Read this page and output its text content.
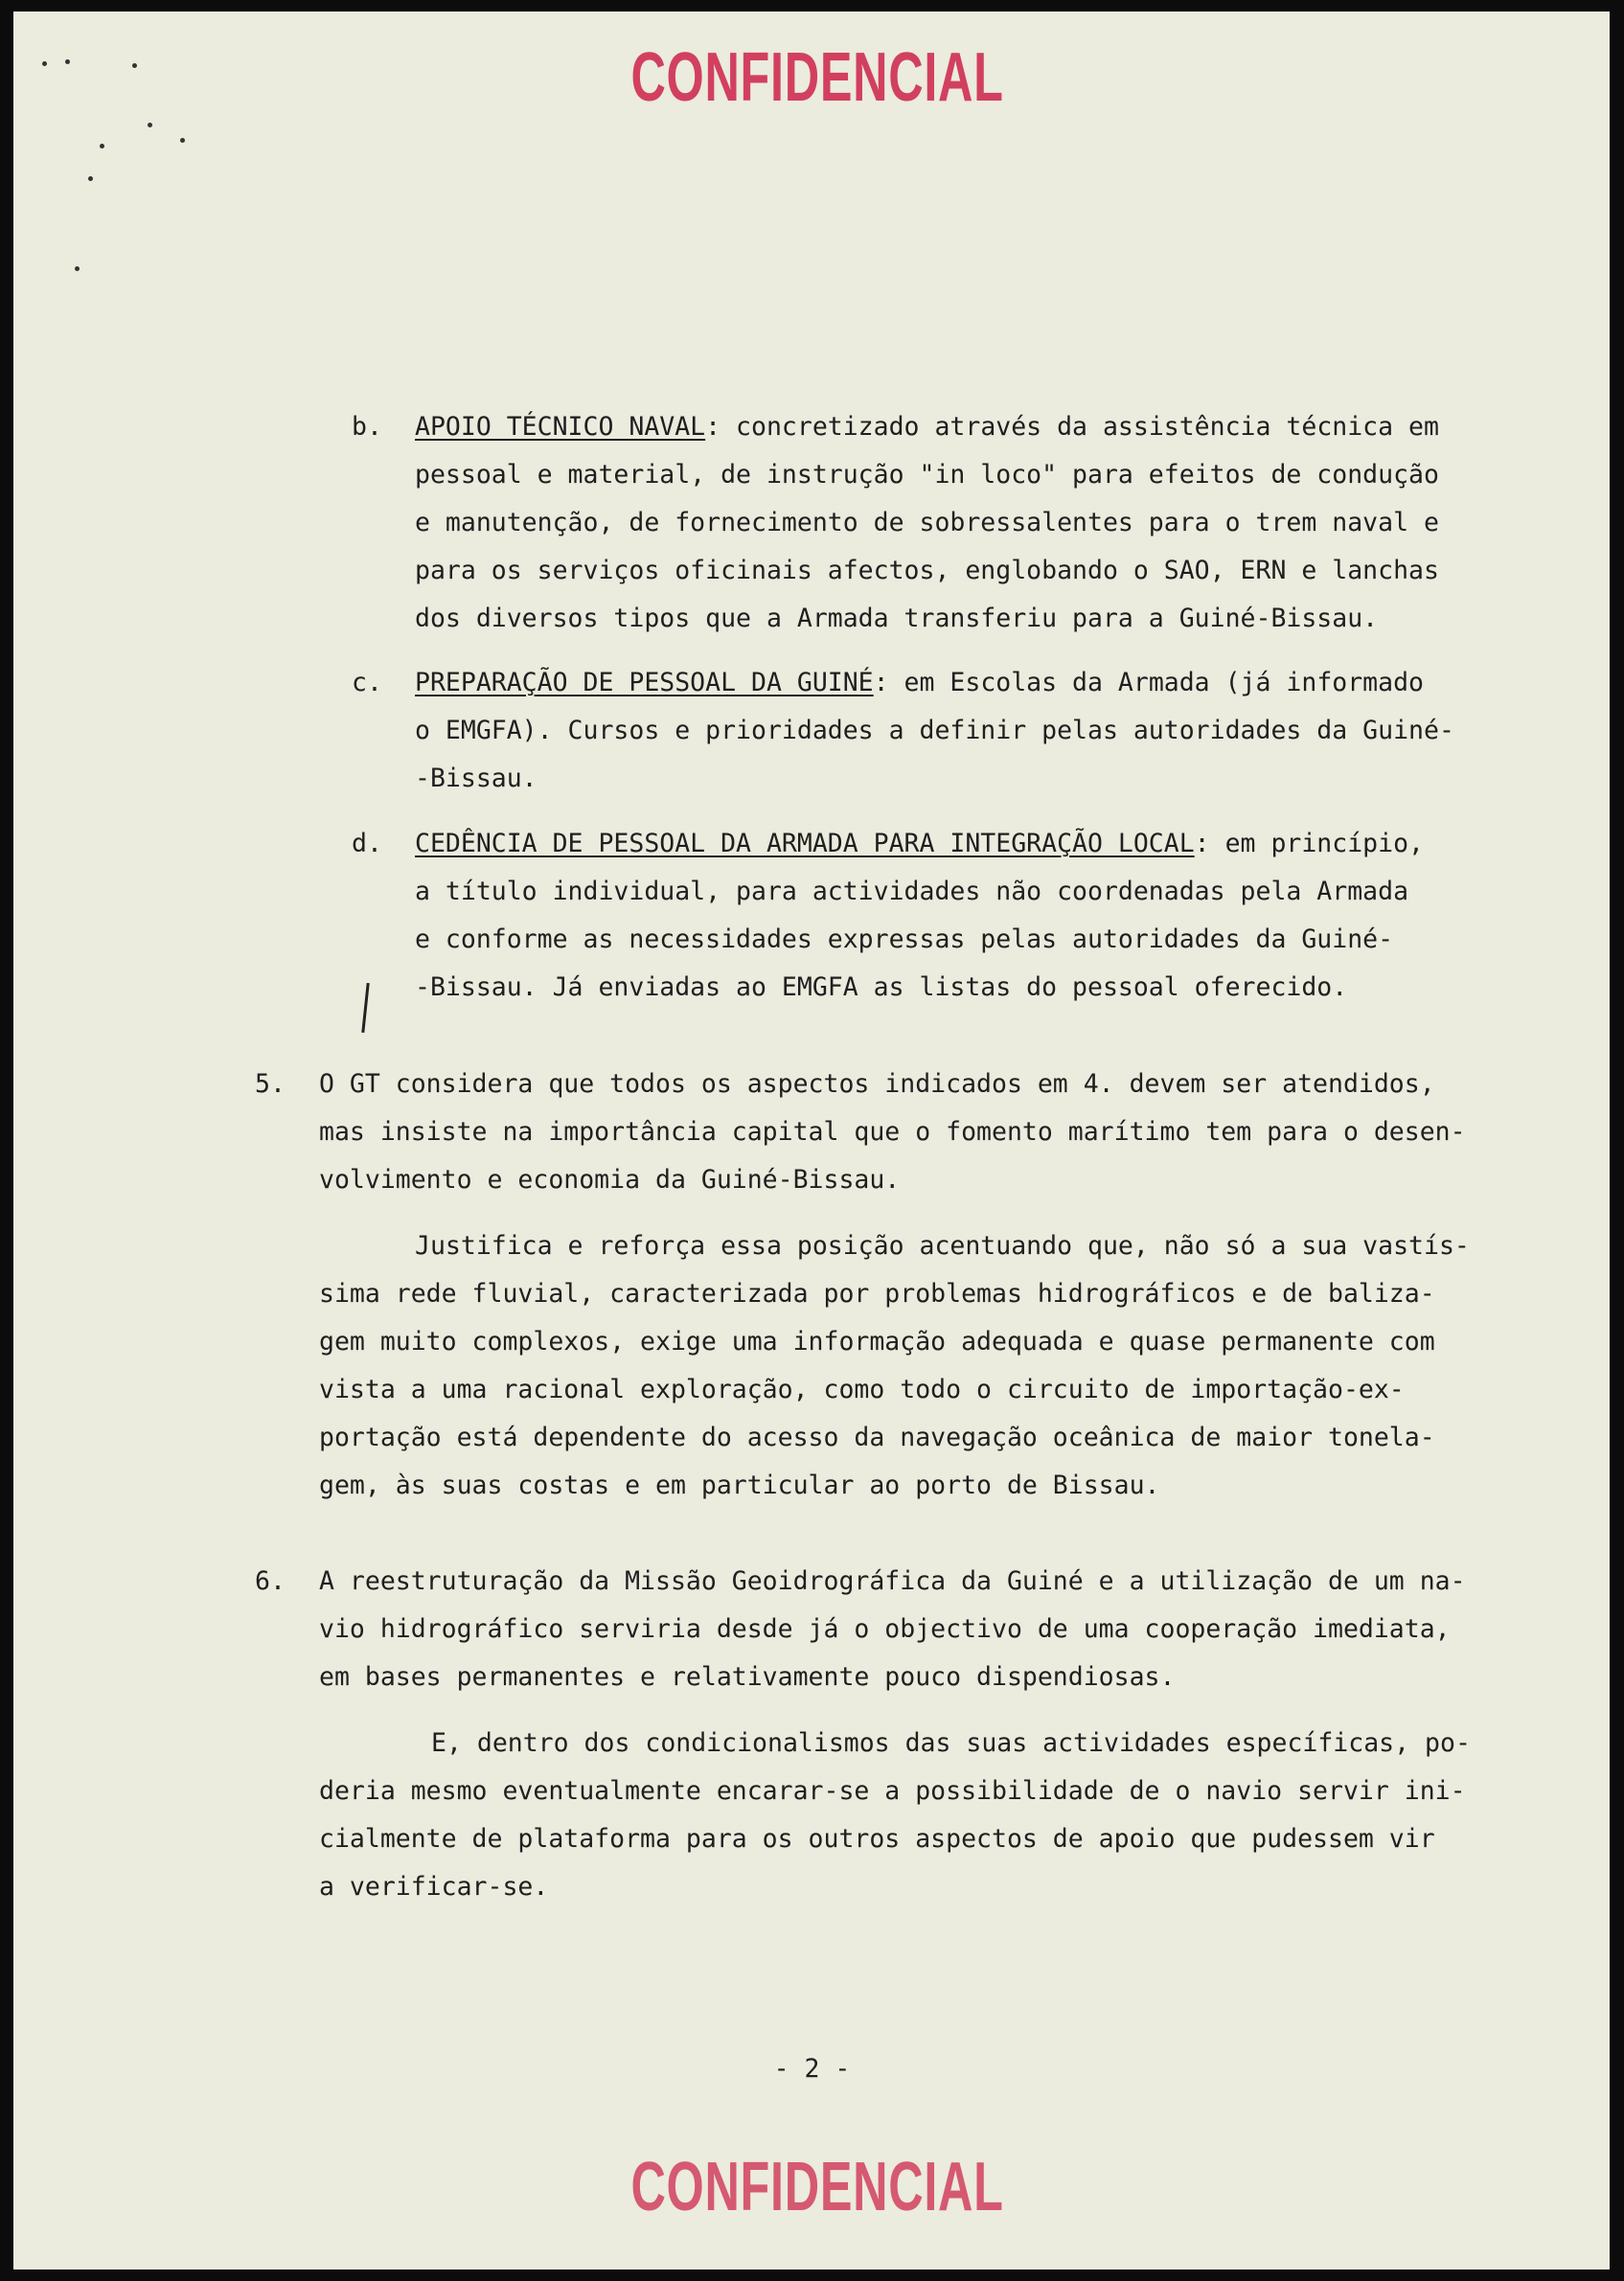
CONFIDENCIAL

b. APOIO TÉCNICO NAVAL: concretizado através da assistência técnica em

pessoal e material, de instrução "in loco" para efeitos de condução

e manutenção, de fornecimento de sobressalentes para o trem naval e

para os serviços oficinais afectos, englobando o SAO, ERN e lanchas

dos diversos tipos que a Armada transferiu para a Guiné-Bissau.

c. PREPARAÇÃO DE PESSOAL DA GUINÉ: em Escolas da Armada (já informado

o EMGFA). Cursos e prioridades a definir pelas autoridades da Guiné-

-Bissau.

d. CEDÊNCIA DE PESSOAL DA ARMADA PARA INTEGRAÇÃO LOCAL: em princípio,

a título individual, para actividades não coordenadas pela Armada

e conforme as necessidades expressas pelas autoridades da Guiné-

-Bissau. Já enviadas ao EMGFA as listas do pessoal oferecido.

5. O GT considera que todos os aspectos indicados em 4. devem ser atendidos,

mas insiste na importância capital que o fomento marítimo tem para o desen-

volvimento e economia da Guiné-Bissau.

Justifica e reforça essa posição acentuando que, não só a sua vastís-

sima rede fluvial, caracterizada por problemas hidrográficos e de baliza-

gem muito complexos, exige uma informação adequada e quase permanente com

vista a uma racional exploração, como todo o circuito de importação-ex-

portação está dependente do acesso da navegação oceânica de maior tonela-

gem, às suas costas e em particular ao porto de Bissau.

6. A reestruturação da Missão Geoidrográfica da Guiné e a utilização de um na-

vio hidrográfico serviria desde já o objectivo de uma cooperação imediata,

em bases permanentes e relativamente pouco dispendiosas.

E, dentro dos condicionalismos das suas actividades específicas, po-

deria mesmo eventualmente encarar-se a possibilidade de o navio servir ini-

cialmente de plataforma para os outros aspectos de apoio que pudessem vir

a verificar-se.

- 2 -
CONFIDENCIAL
